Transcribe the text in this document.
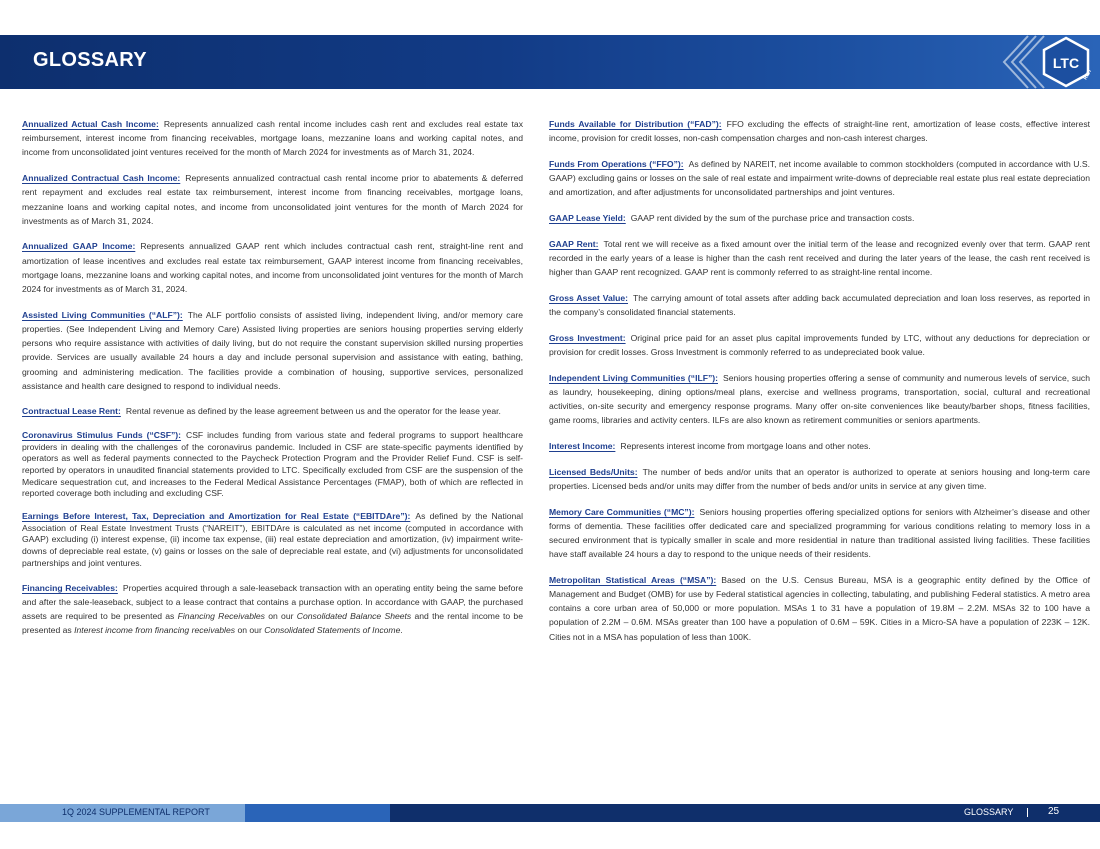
GLOSSARY	LTC
REIT

Annualized Actual Cash Income: Represents annualized cash rental income includes cash rent and excludes real estate tax reimbursement, interest income from financing receivables, mortgage loans, mezzanine loans and working capital notes, and income from unconsolidated joint ventures received for the month of March 2024 for investments as of March 31, 2024.

Annualized Contractual Cash Income: Represents annualized contractual cash rental income prior to abatements & deferred rent repayment and excludes real estate tax reimbursement, interest income from financing receivables, mortgage loans, mezzanine loans and working capital notes, and income from unconsolidated joint ventures for the month of March 2024 for investments as of March 31, 2024.

Annualized GAAP Income: Represents annualized GAAP rent which includes contractual cash rent, straight-line rent and amortization of lease incentives and excludes real estate tax reimbursement, GAAP interest income from financing receivables, mortgage loans, mezzanine loans and working capital notes, and income from unconsolidated joint ventures for the month of March 2024 for investments as of March 31, 2024.

Assisted Living Communities (“ALF”): The ALF portfolio consists of assisted living, independent living, and/or memory care properties. (See Independent Living and Memory Care) Assisted living properties are seniors housing properties serving elderly persons who require assistance with activities of daily living, but do not require the constant supervision skilled nursing properties provide. Services are usually available 24 hours a day and include personal supervision and assistance with eating, bathing, grooming and administering medication. The facilities provide a combination of housing, supportive services, personalized assistance and health care designed to respond to individual needs.

Contractual Lease Rent: Rental revenue as defined by the lease agreement between us and the operator for the lease year.

Coronavirus Stimulus Funds (“CSF”): CSF includes funding from various state and federal programs to support healthcare providers in dealing with the challenges of the coronavirus pandemic. Included in CSF are state-specific payments identified by operators as well as federal payments connected to the Paycheck Protection Program and the Provider Relief Fund. CSF is self-reported by operators in unaudited financial statements provided to LTC. Specifically excluded from CSF are the suspension of the Medicare sequestration cut, and increases to the Federal Medical Assistance Percentages (FMAP), both of which are reflected in reported coverage both including and excluding CSF.

Earnings Before Interest, Tax, Depreciation and Amortization for Real Estate (“EBITDAre”): As defined by the National Association of Real Estate Investment Trusts (“NAREIT”), EBITDAre is calculated as net income (computed in accordance with GAAP) excluding (i) interest expense, (ii) income tax expense, (iii) real estate depreciation and amortization, (iv) impairment write-downs of depreciable real estate, (v) gains or losses on the sale of depreciable real estate, and (vi) adjustments for unconsolidated partnerships and joint ventures.

Financing Receivables: Properties acquired through a sale-leaseback transaction with an operating entity being the same before and after the sale-leaseback, subject to a lease contract that contains a purchase option. In accordance with GAAP, the purchased assets are required to be presented as Financing Receivables on our Consolidated Balance Sheets and the rental income to be presented as Interest income from financing receivables on our Consolidated Statements of Income.

Funds Available for Distribution (“FAD”): FFO excluding the effects of straight-line rent, amortization of lease costs, effective interest income, provision for credit losses, non-cash compensation charges and non-cash interest charges.

Funds From Operations (“FFO”): As defined by NAREIT, net income available to common stockholders (computed in accordance with U.S. GAAP) excluding gains or losses on the sale of real estate and impairment write-downs of depreciable real estate plus real estate depreciation and amortization, and after adjustments for unconsolidated partnerships and joint ventures.

GAAP Lease Yield: GAAP rent divided by the sum of the purchase price and transaction costs.

GAAP Rent: Total rent we will receive as a fixed amount over the initial term of the lease and recognized evenly over that term. GAAP rent recorded in the early years of a lease is higher than the cash rent received and during the later years of the lease, the cash rent received is higher than GAAP rent recognized. GAAP rent is commonly referred to as straight-line rental income.

Gross Asset Value: The carrying amount of total assets after adding back accumulated depreciation and loan loss reserves, as reported in the company’s consolidated financial statements.

Gross Investment: Original price paid for an asset plus capital improvements funded by LTC, without any deductions for depreciation or provision for credit losses. Gross Investment is commonly referred to as undepreciated book value.

Independent Living Communities (“ILF”): Seniors housing properties offering a sense of community and numerous levels of service, such as laundry, housekeeping, dining options/meal plans, exercise and wellness programs, transportation, social, cultural and recreational activities, on-site security and emergency response programs. Many offer on-site conveniences like beauty/barber shops, fitness facilities, game rooms, libraries and activity centers. ILFs are also known as retirement communities or seniors apartments.

Interest Income: Represents interest income from mortgage loans and other notes.

Licensed Beds/Units: The number of beds and/or units that an operator is authorized to operate at seniors housing and long-term care properties. Licensed beds and/or units may differ from the number of beds and/or units in service at any given time.

Memory Care Communities (“MC”): Seniors housing properties offering specialized options for seniors with Alzheimer’s disease and other forms of dementia. These facilities offer dedicated care and specialized programming for various conditions relating to memory loss in a secured environment that is typically smaller in scale and more residential in nature than traditional assisted living facilities. These facilities have staff available 24 hours a day to respond to the unique needs of their residents.

Metropolitan Statistical Areas (“MSA”): Based on the U.S. Census Bureau, MSA is a geographic entity defined by the Office of Management and Budget (OMB) for use by Federal statistical agencies in collecting, tabulating, and publishing Federal statistics. A metro area contains a core urban area of 50,000 or more population. MSAs 1 to 31 have a population of 19.8M – 2.2M. MSAs 32 to 100 have a population of 2.2M – 0.6M. MSAs greater than 100 have a population of 0.6M – 59K. Cities in a Micro-SA have a population of 223K – 12K. Cities not in a MSA has population of less than 100K.

1Q 2024 SUPPLEMENTAL REPORT	GLOSSARY	25
